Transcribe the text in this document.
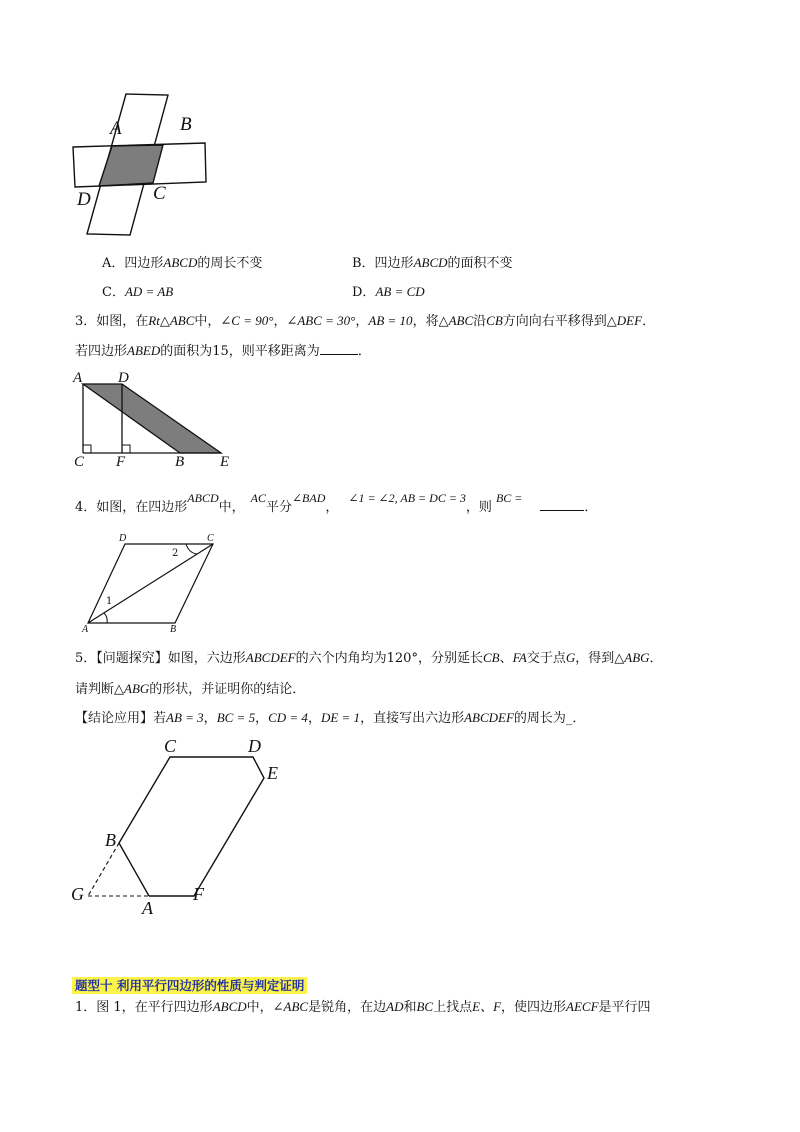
A	B
C
D
A．四边形ABCD的周长不变	B．四边形ABCD的面积不变
C．AD = AB	D．AB = CD
3．如图，在Rt△ABC中，∠C = 90°，∠ABC = 30°，AB = 10，将△ABC沿CB方向向右平移得到△DEF．
若四边形ABED的面积为15，则平移距离为	．
A D
C F	B E
4．如图，在四边形ABCD中，AC平分∠BAD，∠1 = ∠2, AB = DC = 3，则BC =．
D	C
A	B
1
2
5．【问题探究】如图，六边形ABCDEF的六个内角均为120°，分别延长CB、FA交于点G，得到△ABG．
请判断△ABG的形状，并证明你的结论．
【结论应用】若AB = 3，BC = 5，CD = 4，DE = 1，直接写出六边形ABCDEF的周长为_．
C	D
E
B
G
A
F
题型十 利用平行四边形的性质与判定证明
1．图 1，在平行四边形ABCD中，∠ABC是锐角，在边AD和BC上找点E、F，使四边形AECF是平行四
